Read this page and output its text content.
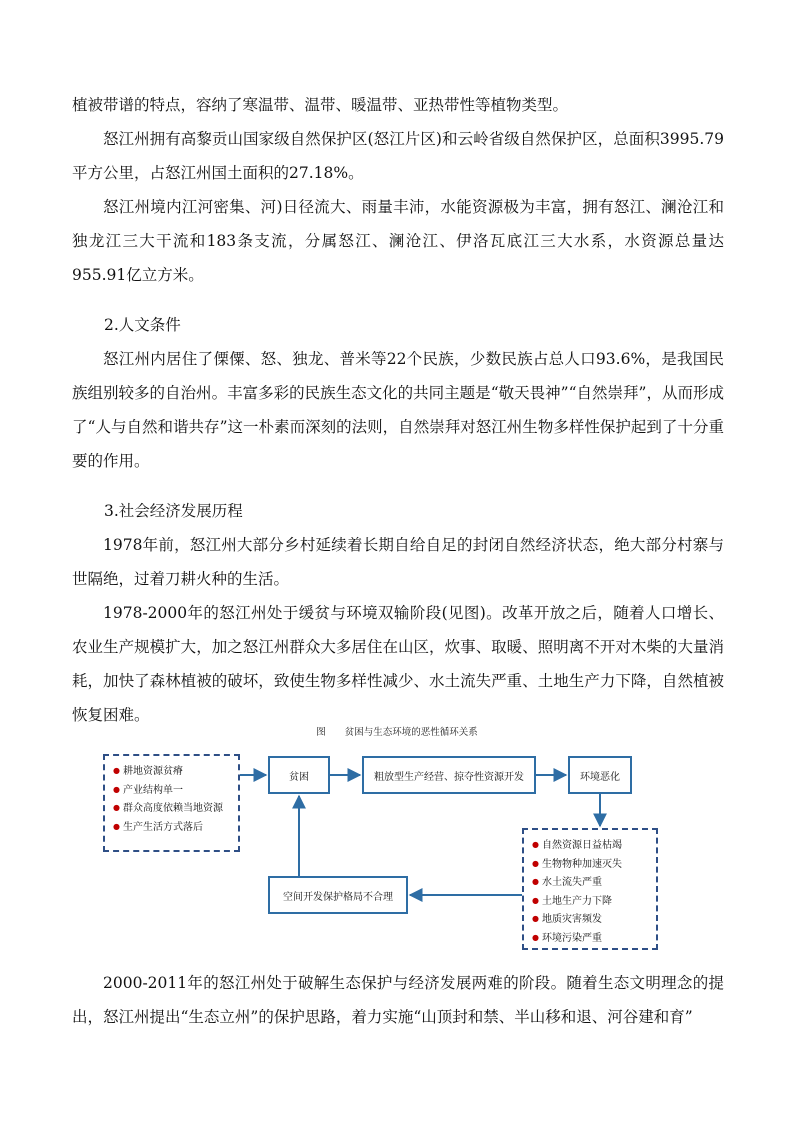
植被带谱的特点，容纳了寒温带、温带、暖温带、亚热带性等植物类型。

怒江州拥有高黎贡山国家级自然保护区(怒江片区)和云岭省级自然保护区，总面积3995.79平方公里，占怒江州国土面积的27.18%。

怒江州境内江河密集、河)日径流大、雨量丰沛，水能资源极为丰富，拥有怒江、澜沧江和独龙江三大干流和183条支流，分属怒江、澜沧江、伊洛瓦底江三大水系，水资源总量达955.91亿立方米。

2.人文条件

怒江州内居住了傈僳、怒、独龙、普米等22个民族，少数民族占总人口93.6%，是我国民族组别较多的自治州。丰富多彩的民族生态文化的共同主题是“敬天畏神”“自然崇拜”，从而形成了“人与自然和谐共存”这一朴素而深刻的法则，自然崇拜对怒江州生物多样性保护起到了十分重要的作用。

3.社会经济发展历程

1978年前，怒江州大部分乡村延续着长期自给自足的封闭自然经济状态，绝大部分村寨与世隔绝，过着刀耕火种的生活。

1978-2000年的怒江州处于缓贫与环境双输阶段(见图)。改革开放之后，随着人口增长、农业生产规模扩大，加之怒江州群众大多居住在山区，炊事、取暖、照明离不开对木柴的大量消耗，加快了森林植被的破坏，致使生物多样性减少、水土流失严重、土地生产力下降，自然植被恢复困难。

图 贫困与生态环境的恶性循环关系
● 耕地资源贫瘠
● 产业结构单一
● 群众高度依赖当地资源
● 生产生活方式落后
贫困	粗放型生产经营、掠夺性资源开发	环境恶化
● 自然资源日益枯竭
● 生物物种加速灭失
● 水土流失严重
● 土地生产力下降
● 地质灾害频发
● 环境污染严重
空间开发保护格局不合理

2000-2011年的怒江州处于破解生态保护与经济发展两难的阶段。随着生态文明理念的提出，怒江州提出“生态立州”的保护思路，着力实施“山顶封和禁、半山移和退、河谷建和育”
